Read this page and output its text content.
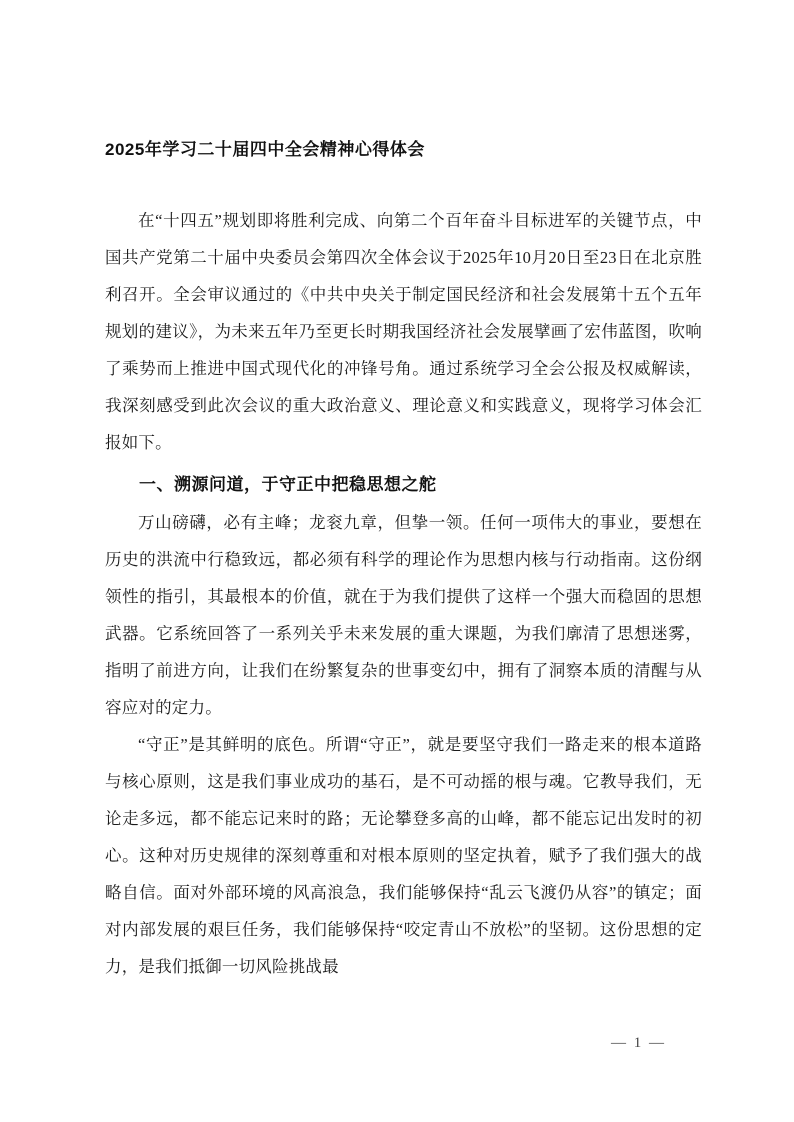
2025年学习二十届四中全会精神心得体会

在“十四五”规划即将胜利完成、向第二个百年奋斗目标进军的关键节点，中国共产党第二十届中央委员会第四次全体会议于2025年10月20日至23日在北京胜利召开。全会审议通过的《中共中央关于制定国民经济和社会发展第十五个五年规划的建议》，为未来五年乃至更长时期我国经济社会发展擘画了宏伟蓝图，吹响了乘势而上推进中国式现代化的冲锋号角。通过系统学习全会公报及权威解读，我深刻感受到此次会议的重大政治意义、理论意义和实践意义，现将学习体会汇报如下。

一、溯源问道，于守正中把稳思想之舵

万山磅礴，必有主峰；龙衮九章，但挚一领。任何一项伟大的事业，要想在历史的洪流中行稳致远，都必须有科学的理论作为思想内核与行动指南。这份纲领性的指引，其最根本的价值，就在于为我们提供了这样一个强大而稳固的思想武器。它系统回答了一系列关乎未来发展的重大课题，为我们廓清了思想迷雾，指明了前进方向，让我们在纷繁复杂的世事变幻中，拥有了洞察本质的清醒与从容应对的定力。

“守正”是其鲜明的底色。所谓“守正”，就是要坚守我们一路走来的根本道路与核心原则，这是我们事业成功的基石，是不可动摇的根与魂。它教导我们，无论走多远，都不能忘记来时的路；无论攀登多高的山峰，都不能忘记出发时的初心。这种对历史规律的深刻尊重和对根本原则的坚定执着，赋予了我们强大的战略自信。面对外部环境的风高浪急，我们能够保持“乱云飞渡仍从容”的镇定；面对内部发展的艰巨任务，我们能够保持“咬定青山不放松”的坚韧。这份思想的定力，是我们抵御一切风险挑战最

— 1 —
